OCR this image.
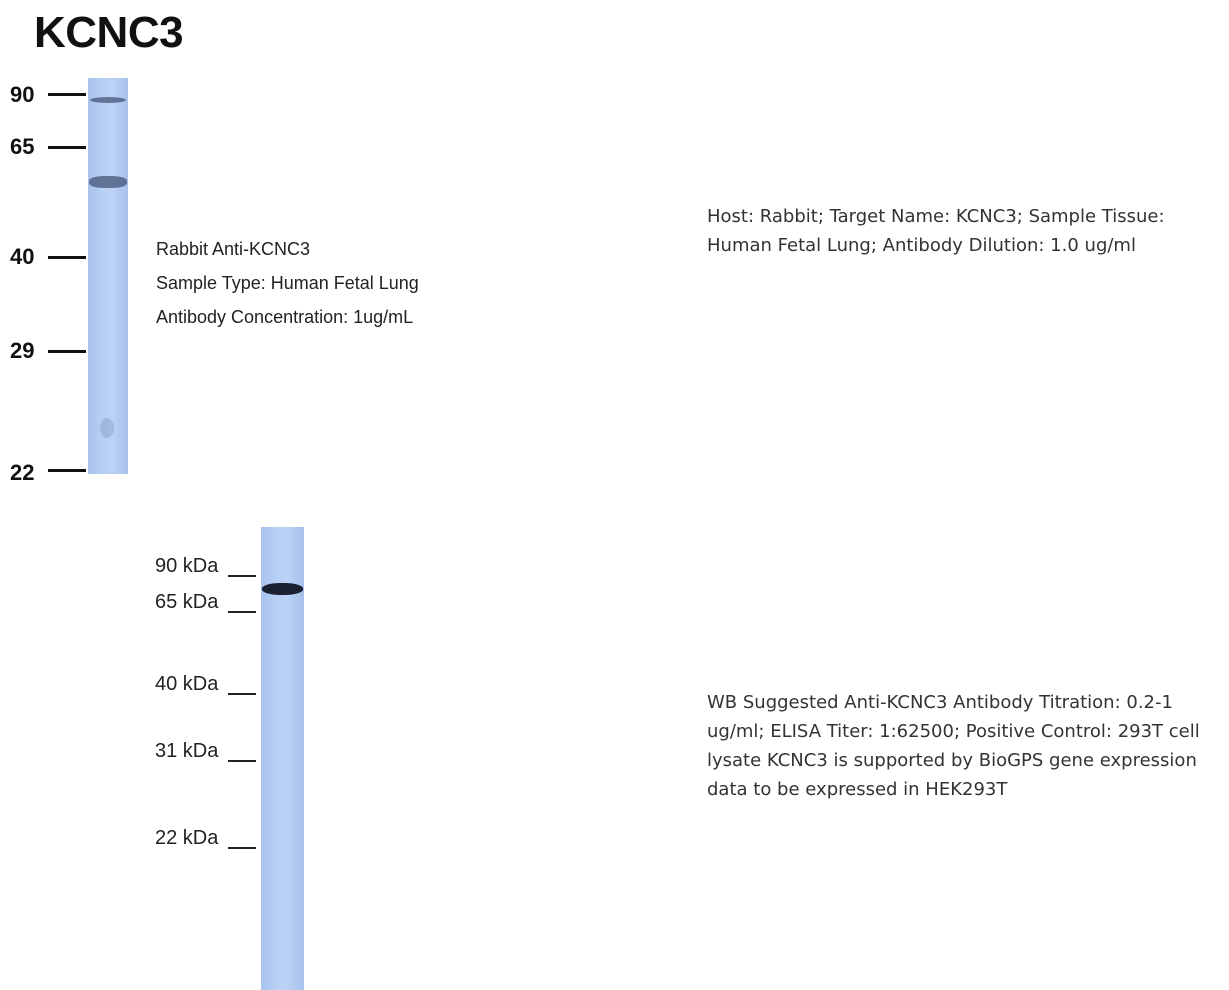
KCNC3
90
65
40
29
22
Rabbit Anti-KCNC3
Sample Type: Human Fetal Lung
Antibody Concentration: 1ug/mL
90 kDa
65 kDa
40 kDa
31 kDa
22 kDa
Host: Rabbit; Target Name: KCNC3; Sample Tissue: Human Fetal Lung; Antibody Dilution: 1.0 ug/ml
WB Suggested Anti-KCNC3 Antibody Titration: 0.2-1 ug/ml; ELISA Titer: 1:62500; Positive Control: 293T cell lysate KCNC3 is supported by BioGPS gene expression data to be expressed in HEK293T
